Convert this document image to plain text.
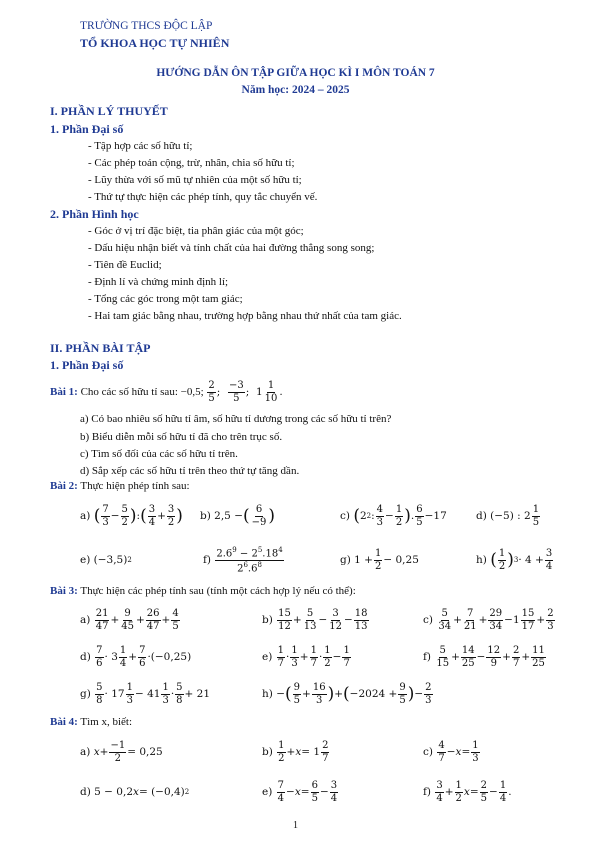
TRƯỜNG THCS ĐỘC LẬP
TỔ KHOA HỌC TỰ NHIÊN
HƯỚNG DẪN ÔN TẬP GIỮA HỌC KÌ I MÔN TOÁN 7
Năm học: 2024 – 2025
I. PHẦN LÝ THUYẾT
1. Phần Đại số
- Tập hợp các số hữu tỉ;
- Các phép toán cộng, trừ, nhân, chia số hữu tỉ;
- Lũy thừa với số mũ tự nhiên của một số hữu tỉ;
- Thứ tự thực hiện các phép tính, quy tắc chuyển vế.
2. Phần Hình học
- Góc ở vị trí đặc biệt, tia phân giác của một góc;
- Dấu hiệu nhận biết và tính chất của hai đường thẳng song song;
- Tiên đề Euclid;
- Định lí và chứng minh định lí;
- Tổng các góc trong một tam giác;
- Hai tam giác bằng nhau, trường hợp bằng nhau thứ nhất của tam giác.
II. PHẦN BÀI TẬP
1. Phần Đại số
Bài 1:
Cho các số hữu tỉ sau: −0,5;
$\frac{2}{5}$ ; $\frac{-3}{5}$ ;  $1 \frac{1}{10}$ .
a) Có bao nhiêu số hữu tỉ âm, số hữu tỉ dương trong các số hữu tỉ trên?
b) Biểu diễn mỗi số hữu tỉ đã cho trên trục số.
c) Tìm số đối của các số hữu tỉ trên.
d) Sắp xếp các số hữu tỉ trên theo thứ tự tăng dần.
Bài 2: Thực hiện phép tính sau:
a) ( $\frac{7}{3} - \frac{5}{2}$ ) : ( $\frac{3}{4} + \frac{3}{2}$ ) b) 2,5 − ( $\frac{6}{-9}$ )	c) ( 2 2 : $\frac{4}{3} - \frac{1}{2}$ ) . $\frac{6}{5} -17$	d) (−5) : $2 \frac{1}{5}$
e) (−3,5) 2	$f) \frac{2.6^9 - 2^5.18^4}{2^6.6^8}$	g) $1 + \frac{1}{2} - 0,25$	h) ( $\frac{1}{2}$ ) $3 \cdot 4 + \frac{3}{4}$
Bài 3: Thực hiện các phép tính sau (tính một cách hợp lý nếu có thể):
$a) \frac{21}{47} + \frac{9}{45} + \frac{26}{47} + \frac{4}{5}$	$b) \frac{15}{12} + \frac{5}{13} - \frac{3}{12} - \frac{18}{13}$	$c) \frac{5}{34} + \frac{7}{21} + \frac{29}{34} -1 \frac{15}{17} + \frac{2}{3}$
$d) \frac{7}{6} \cdot 3 \frac{1}{4} + \frac{7}{6} \cdot(-0,25)$	$e) \frac{1}{7} \cdot \frac{1}{3} + \frac{1}{7} \cdot \frac{1}{2} - \frac{1}{7}$	$f) \frac{5}{15} + \frac{14}{25} - \frac{12}{9} + \frac{2}{7} + \frac{11}{25}$
$g) \frac{5}{8} \cdot 17 \frac{1}{3} - 41 \frac{1}{3} \cdot \frac{5}{8} + 21$	h) − ( $\frac{9}{5} + \frac{16}{3}$ ) + ( $-2024 + \frac{9}{5}$ ) − $\frac{2}{3}$
Bài 4: Tìm x, biết:
a) $x + \frac{-1}{2} = 0,25$	$b) \frac{1}{2} + x = 1 \frac{2}{7}$	$c) \frac{4}{7} - x = \frac{1}{3}$
d) 5 − 0,2 x = (−0,4) 2	$e) \frac{7}{4} - x = \frac{6}{5} - \frac{3}{4}$	$f) \frac{3}{4} + \frac{1}{2}$ $x = \frac{2}{5} - \frac{1}{4}$ .
1
